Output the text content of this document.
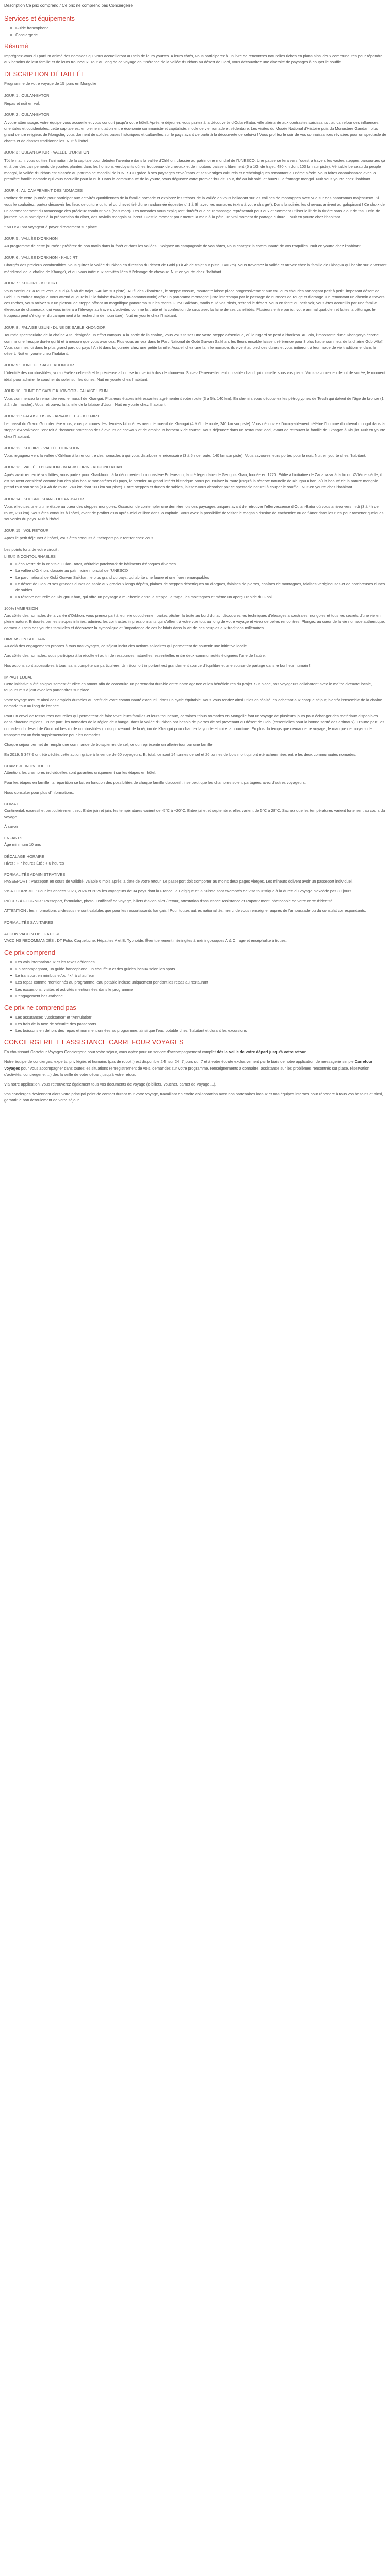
Description Ce prix comprend / Ce prix ne comprend pas Conciergerie
Services et équipements
Guide francophone
Conciergerie
Résumé

Imprégnez-vous du parfum animé des nomades qui vous accueilleront au sein de leurs yourtes. A leurs côtés, vous participerez à un livre de rencontres naturelles riches en plans ainsi deux communautés pour répandre aux besoins de leur famille et de leurs troupeaux. Tout au long de ce voyage en itinérance de la vallée d'Orkhon au désert de Gobi, vous découvrirez une diversité de paysages à couper le souffle !

DESCRIPTION DÉTAILLÉE

Programme de votre voyage de 15 jours en Mongolie

JOUR 1 : OULAN-BATOR

Repas et nuit en vol.

JOUR 2 : OULAN-BATOR

A votre atterrissage, votre équipe vous accueille et vous conduit jusqu'à votre hôtel. Après le déjeuner, vous partez à la découverte d'Oulan-Bator, ville aliénante aux contrastes saisissants : au carrefour des influences orientales et occidentales, cette capitale est en pleine mutation entre économie communiste et capitaliste, mode de vie nomade et sédentaire. Les visites du Musée National d'Histoire puis du Monastère Gandan, plus grand centre religieux de Mongolie, vous donnent de solides bases historiques et culturelles sur le pays avant de partir à la découverte de celui-ci ! Vous profitez le soir de vos connaissances révisées pour un spectacle de chants et de danses traditionnelles. Nuit à l'hôtel.

JOUR 3 : OULAN-BATOR - VALLÉE D'ORKHON

Tôt le matin, vous quittez l'animation de la capitale pour débuter l'aventure dans la vallée d'Orkhon, classée au patrimoine mondial de l'UNESCO. Une pause se fera vers l'ouest à travers les vastes steppes parcourues çà et là par des campements de yourtes plantés dans les horizons verdoyants où les troupeaux de chevaux et de moutons paissent librement (6 à 10h de trajet, 480 km dont 100 km sur piste). Véritable berceau du peuple mongol, la vallée d'Orkhon est classée au patrimoine mondial de l'UNESCO grâce à ses paysages envoûtants et ses vestiges culturels et archéologiques remontant au 6ème siècle. Vous faites connaissance avec la première famille nomade qui vous accueille pour la nuit. Dans la communauté de la yourte, vous dégustez votre premier 'buuds' Tout, thé au lait salé, et buuzui, la fromage mongol. Nuit sous yourte chez l'habitant.

JOUR 4 : AU CAMPEMENT DES NOMADES

Profitez de cette journée pour participer aux activités quotidiennes de la famille nomade et explorez les trésors de la vallée en vous balladant sur les collines de montagnes avec vue sur des panoramas majestueux. Si vous le souhaitez, partez découvrir les lieux de culture culturel du chevet tiré d'une randonnée équestre d' 1 à 3h avec les nomades (extra à votre charge*). Dans la soirée, les chevaux arrivent au galopinant ! Ce choix de un commencement du ramassage des précieux combustibles (bois mort). Les nomades vous expliquent l'intérêt que ce ramassage représentait pour eux et comment utiliser le lit de la rivière sans ajout de tas. Enfin de journée, vous participez à la préparation du dîner, des raviolis mongols au bœuf. C'est le moment pour mettre la main à la pâte, un vrai moment de partage culturel ! Nuit en yourte chez l'habitant.

* 50 USD par voyageur à payer directement sur place.

JOUR 5 : VALLÉE D'ORKHON

Au programme de cette journée : préférez de bon matin dans la forêt et dans les vallées ! Soignez un campagnole de vos hôtes, vous chargez la communauté de vos traquilles. Nuit en yourte chez l'habitant.

JOUR 6 : VALLÉE D'ORKHON - KHUJIRT

Chargés des précieux combustibles, vous quittez la vallée d'Orkhon en direction du désert de Gobi (3 à 4h de trajet sur piste, 140 km). Vous traversez la vallée et arrivez chez la famille de Lkhagva qui habite sur le versant méridional de la chaîne de Khangaï, et qui vous initie aux activités liées à l'élevage de chevaux. Nuit en yourte chez l'habitant.

JOUR 7 : KHUJIRT - KHUJIRT

Vous continuez la route vers le sud (4 à 6h de trajet, 240 km sur piste). Au fil des kilomètres, le steppe cossue, mourante laisse place progressivement aux couleurs chaudes annonçant petit à petit l'imposant désert de Gobi. Un endroit magique vous attend aujourd'hui : la falaise d'Alash (Onjaamnnorovnio) offre un panorama montagne juste interrompu par le passage de nuances de rouge et d'orange. En remontant un chemin à travers ces roches, vous arrivez sur un plateau de steppe offrant un magnifique panorama sur les monts Gurvt Saikhan, tandis qu'à vos pieds, s'étend le désert. Vous en fonte du petit soir, vous êtes accueillis par une famille éleveuse de chameaux, qui vous initiera à l'élevage au travers d'activités comme la traite et la confection de sacs avec la laine de ses camélidés. Plusieurs entre par ici: votre animal quotidien et faites la pâturage, le troupeau peut s'éloigner du campement à la recherche de nourriture). Nuit en yourte chez l'habitant.

JOUR 8 : FALAISE USUN - DUNE DE SABLE KHONGOR

Tournée spectaculaire de la chaîne Altaï désignée un effort campus. A la sortie de la chaîne, vous vous taisez une vaste steppe désertique, où le rugard se perd à l'horizon. Au loin, l'imposante dune Khongoryn écorne comme une fresque dorée qui lit et à mesure que vous avancez. Plus vous arrivez dans le Parc National de Gobi Gurvan Saikhan, les fleurs ensable laissent référence pour 3 plus haute sommets de la chaîne Gobi Altaï. Vous sommes ici dans le plus grand parc du pays ! Arrêt dans la journée chez une petite famille. Accueil chez une famille nomade, ils vivent au pied des dunes et vous initieront à leur mode de vie traditionnel dans le désert. Nuit en yourte chez l'habitant.

JOUR 9 : DUNE DE SABLE KHONGOR

L'identité des combustibles, vous révélez celles-là et la précieuse ail qui se trouve ici à dos de chameau. Suivez l'émerveillement du sable chaud qui ruisselle sous vos pieds. Vous savourez en début de soirée, le moment idéal pour admirer le coucher du soleil sur les dunes. Nuit en yourte chez l'habitant.

JOUR 10 : DUNE DE SABLE KHONGOR - FALAISE USUN

Vous commencez la remontée vers le massif de Khangaï. Plusieurs étapes intéressantes agrémentent votre route (3 à 5h, 140 km). En chemin, vous découvrez les pétroglyphes de Tevsh qui datent de l'âge de bronze (1 à 2h de marche). Vous retrouvez la famille de la falaise d'Usun. Nuit en yourte chez l'habitant.

JOUR 11 : FALAISE USUN - ARVAIKHEER - KHUJIRT

Le massif du Grand Gobi derrière vous, vous parcourez les derniers kilomètres avant le massif de Khangaï (4 à 6h de route, 240 km sur piste). Vous découvrez l'incroyablement célèbre l'homme du cheval mongol dans la steppe d'Arvaikheer, l'endroit à l'honneur protection des éleveurs de chevaux et de ambitieux herbeaux de course. Vous déjeunez dans un restaurant local, avant de retrouver la famille de Lkhagva à Khujirt. Nuit en yourte chez l'habitant.

JOUR 12 : KHUJIRT - VALLÉE D'ORKHON

Vous regagnez vers la vallée d'Orkhon à la rencontre des nomades à qui vous distribuez le nécessaire (3 à 5h de route, 140 km sur piste). Vous savourez leurs portes pour la nuit. Nuit en yourte chez l'habitant.

JOUR 13 : VALLÉE D'ORKHON - KHARKHORIN - KHUGNU KHAN

Après avoir remercié vos hôtes, vous partez pour Kharkhorin, à la découverte du monastère Erdenezuu, la cité légendaire de Genghis Khan, fondée en 1220. Édifié à l'initiative de Zanabazar à la fin du XVIème siècle, il est souvent considéré comme l'un des plus beaux monastères du pays, le premier au grand intérêt historique. Vous poursuivez la route jusqu'à la réserve naturelle de Khugnu Khan, où la beauté de la nature mongole prend tout son sens (3 à 4h de route, 240 km dont 100 km sur piste). Entre steppes et dunes de sables, laissez-vous absorber par ce spectacle naturel à couper le souffle ! Nuit en yourte chez l'habitant.

JOUR 14 : KHUGNU KHAN - OULAN-BATOR

Vous effectuez une ultime étape au cœur des steppes mongoles. Occasion de contempler une dernière fois ces paysages uniques avant de retrouver l'effervescence d'Oulan-Bator où vous arrivez vers midi (3 à 4h de route, 280 km). Vous êtes conduits à l'hôtel, avant de profiter d'un après-midi et libre dans la capitale. Vous avez la possibilité de visiter le magasin d'usine de cachemire ou de flâner dans les rues pour ramener quelques souvenirs du pays. Nuit à l'hôtel.

JOUR 15 : VOL RETOUR

Après le petit déjeuner à l'hôtel, vous êtes conduits à l'aéroport pour rentrer chez vous.

Les points forts de votre circuit :

LIEUX INCONTOURNABLES

Découverte de la capitale Oulan-Bator, véritable patchwork de bâtiments d'époques diverses
La vallée d'Orkhon, classée au patrimoine mondial de l'UNESCO
Le parc national de Gobi Gurvan Saikhan, le plus grand du pays, qui abrite une faune et une flore remarquables
Le désert de Gobi et ses grandes dunes de sable aux gracieux longs dépôts, plaines de steppes désertiques ou d'orgues, falaises de pierres, chaînes de montagnes, falaises vertigineuses et de nombreuses dunes de sables
La réserve naturelle de Khugnu Khan, qui offre un paysage à mi-chemin entre la steppe, la taïga, les montagnes et même un aperçu rapide du Gobi

100% IMMERSION

Aux côtés des nomades de la vallée d'Orkhon, vous prenez part à leur vie quotidienne ; partez pêcher la truite au bord du lac, découvrez les techniques d'élevages ancestrales mongoles et tous les secrets d'une vie en pleine nature. Entourés par les steppes infinies, admirez les contrastes impressionnants qui s'offrent à votre vue tout au long de votre voyage et vivez de belles rencontres. Plongez au cœur de la vie nomade authentique, dormez au sein des yourtes familiales et découvrez la symbolique et l'importance de ces habitats dans la vie de ces peuples aux traditions millénaires.

DIMENSION SOLIDAIRE

Au-delà des engagements propres à tous nos voyages, ce séjour inclut des actions solidaires qui permettent de soutenir une initiative locale.

Aux côtés des nomades, vous participez à la récolte et au tri de ressources naturelles, essentielles entre deux communautés éloignées l'une de l'autre.

Nos actions sont accessibles à tous, sans compétence particulière. Un réconfort important est grandement source d'équilibre et une source de partage dans le bonheur humain !

IMPACT LOCAL

Cette initiative a été soigneusement étudiée en amont afin de construire un partenariat durable entre notre agence et les bénéficiaires du projet. Sur place, nos voyageurs collaborent avec le maître d'œuvre locale, toujours mis à jour avec les partenaires sur place.

Votre voyage assure ainsi des emplois durables au profit de votre communauté d'accueil, dans un cycle équitable. Vous vous rendez ainsi utiles en réalité, en achetant aux chaque séjour, bientôt l'ensemble de la chaîne nomade tout au long de l'année.

Pour un envoi de ressources naturelles qui permettent de faire vivre leurs familles et leurs troupeaux, certaines tribus nomades en Mongolie font un voyage de plusieurs jours pour échanger des matériaux disponibles dans chacune régions. D'une part, les nomades de la région de Khangaï dans la vallée d'Orkhon ont besoin de pierres de sel provenant du désert de Gobi (essentielles pour la bonne santé des animaux). D'autre part, les nomades du désert de Gobi ont besoin de combustibles (bois) provenant de la région de Khangaï pour chauffer la yourte et cuire la nourriture. En plus du temps que demande ce voyage, le manque de moyens de transport est un frein supplémentaire pour les nomades.

Chaque séjour permet de remplir une commande de bois/pierres de sel, ce qui représente un aller/retour par une famille.

En 2019, 5 347 € ont été dédiés cette action grâce à la venue de 60 voyageurs. Et total, ce sont 14 tonnes de sel et 26 tonnes de bois mort qui ont été acheminées entre les deux communautés nomades.

CHAMBRE INDIVIDUELLE

Attention, les chambres individuelles sont garanties uniquement sur les étapes en hôtel.

Pour les étapes en famille, la répartition se fait en fonction des possibilités de chaque famille d'accueil ; il se peut que les chambres soient partagées avec d'autres voyageurs.

Nous consulter pour plus d'informations.

CLIMAT

Continental, excessif et particulièrement sec. Entre juin et juin, les températures varient de -5°C à +20°C. Entre juillet et septembre, elles varient de 5°C à 28°C. Sachez que les températures varient fortement au cours du voyage.

À savoir :

ENFANTS

Âge minimum 10 ans

DÉCALAGE HORAIRE

Hiver : + 7 heures Été : + 6 heures

FORMALITÉS ADMINISTRATIVES

PASSEPORT : Passeport en cours de validité, valable 6 mois après la date de votre retour. Le passeport doit comporter au moins deux pages vierges. Les mineurs doivent avoir un passeport individuel.

VISA TOURISME : Pour les années 2023, 2024 et 2025 les voyageurs de 34 pays dont la France, la Belgique et la Suisse sont exemptés de visa touristique à la durée du voyage n'excède pas 30 jours.

PIÈCES À FOURNIR : Passeport, formulaire, photo, justificatif de voyage, billets d'avion aller / retour, attestation d'assurance Assistance et Rapatriement, photocopie de votre carte d'identité.

ATTENTION : les informations ci-dessus ne sont valables que pour les ressortissants français ! Pour toutes autres nationalités, merci de vous renseigner auprès de l'ambassade ou du consulat correspondants.

FORMALITÉS SANITAIRES

AUCUN VACCIN OBLIGATOIRE

VACCINS RECOMMANDÉS : DT Polio, Coqueluche, Hépatites A et B, Typhoïde, Éventuellement méningites à méningocoques A & C, rage et encéphalite à tiques.

Ce prix comprend
Les vols internationaux et les taxes aériennes
Un accompagnant, un guide francophone, un chauffeur et des guides locaux selon les spots
Le transport en minibus et/ou 4x4 à chauffeur
Les repas comme mentionnés au programme, eau potable incluse uniquement pendant les repas au restaurant
Les excursions, visites et activités mentionnées dans le programme
L'engagement bas carbone
Ce prix ne comprend pas
Les assurances "Assistance" et "Annulation"
Les frais de la taxe de sécurité des passeports
Les boissons en dehors des repas et non mentionnées au programme, ainsi que l'eau potable chez l'habitant et durant les excursions
CONCIERGERIE ET ASSISTANCE CARREFOUR VOYAGES

En choisissant Carrefour Voyages Conciergerie pour votre séjour, vous optez pour un service d'accompagnement complet dès la veille de votre départ jusqu'à votre retour.

Notre équipe de concierges, experts, privilégiés et humains (pas de robot !) est disponible 24h sur 24, 7 jours sur 7 et à votre écoute exclusivement par le biais de notre application de messagerie simple Carrefour Voyages pour vous accompagner dans toutes les situations (enregistrement de vols, demandes sur votre programme, renseignements à connaitre, assistance sur les problèmes rencontrés sur place, réservation d'activités, conciergerie, ...) dès la veille de votre départ jusqu'à votre retour.

Via notre application, vous retrouverez également tous vos documents de voyage (e-billets, voucher, carnet de voyage ...).

Vos concierges deviennent alors votre principal point de contact durant tout votre voyage, travaillant en étroite collaboration avec nos partenaires locaux et nos équipes internes pour répondre à tous vos besoins et ainsi, garantir le bon déroulement de votre séjour.
